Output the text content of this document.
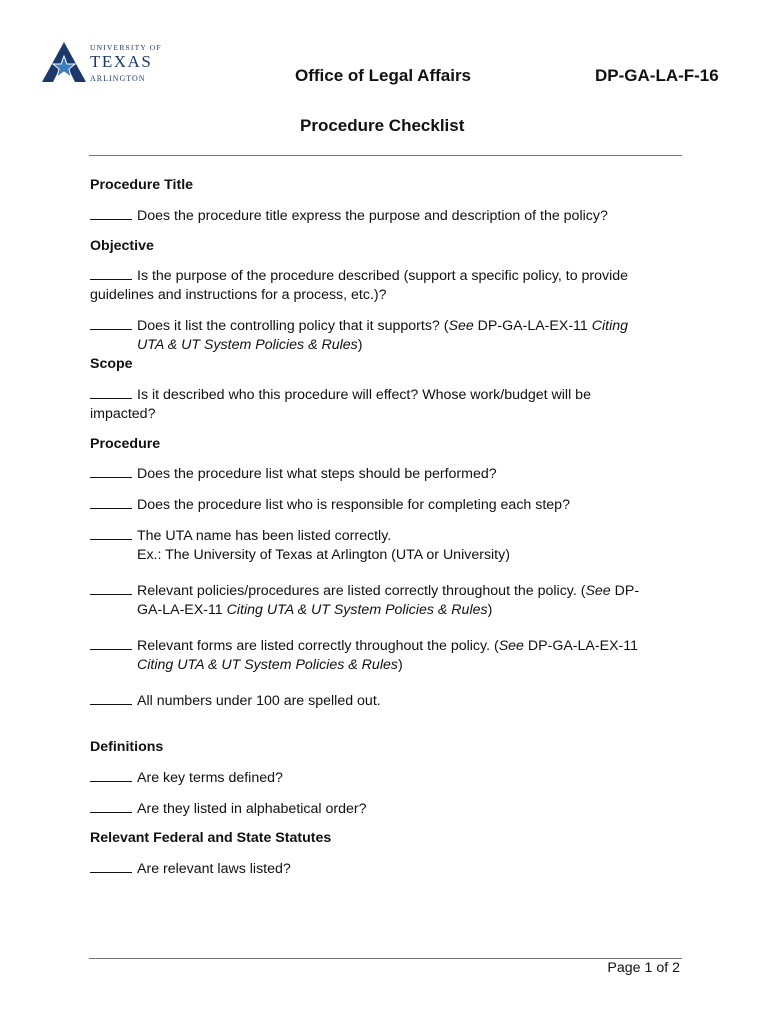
UNIVERSITY OF
TEXAS
ARLINGTON	Office of Legal Affairs	DP-GA-LA-F-16
Procedure Checklist

Procedure Title

Does the procedure title express the purpose and description of the policy?

Objective

Is the purpose of the procedure described (support a specific policy, to provide
guidelines and instructions for a process, etc.)?

Does it list the controlling policy that it supports? (See DP-GA-LA-EX-11 Citing
UTA & UT System Policies & Rules)

Scope

Is it described who this procedure will effect? Whose work/budget will be
impacted?

Procedure

Does the procedure list what steps should be performed?

Does the procedure list who is responsible for completing each step?

The UTA name has been listed correctly.
Ex.: The University of Texas at Arlington (UTA or University)

Relevant policies/procedures are listed correctly throughout the policy. (See DP-
GA-LA-EX-11 Citing UTA & UT System Policies & Rules)

Relevant forms are listed correctly throughout the policy. (See DP-GA-LA-EX-11
Citing UTA & UT System Policies & Rules)

All numbers under 100 are spelled out.

Definitions

Are key terms defined?

Are they listed in alphabetical order?

Relevant Federal and State Statutes

Are relevant laws listed?

Page 1 of 2
